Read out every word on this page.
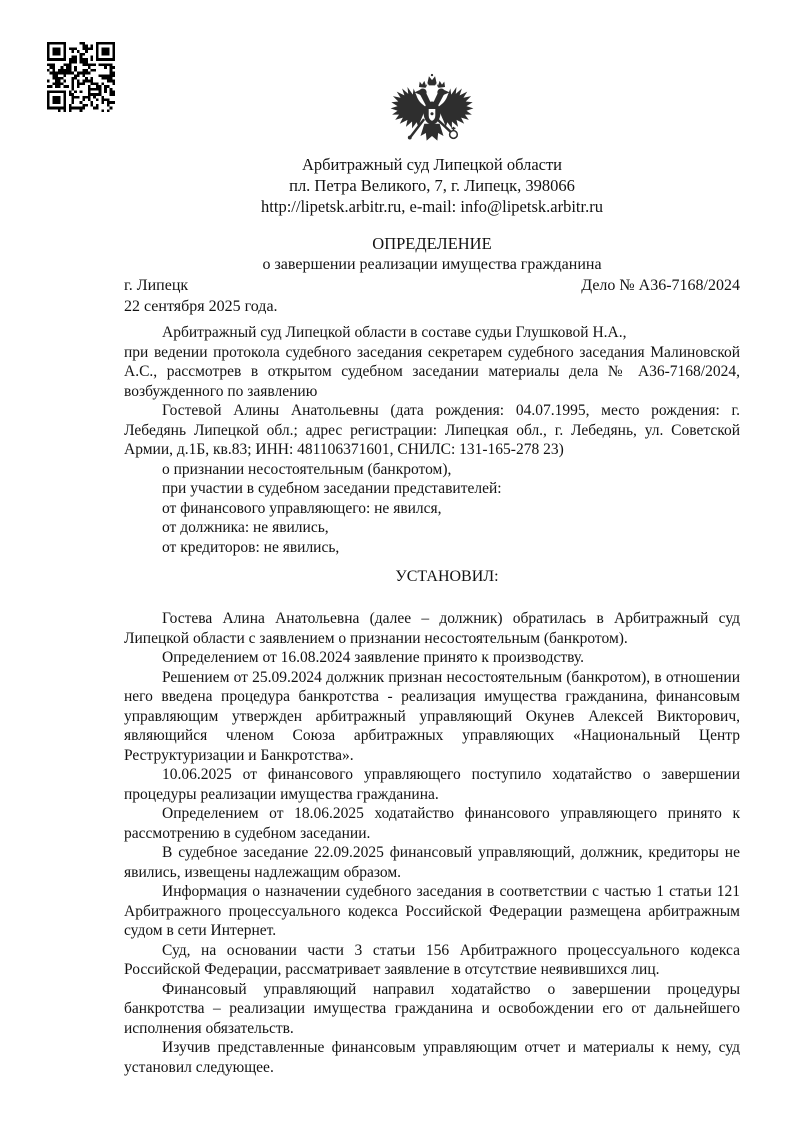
Арбитражный суд Липецкой области
пл. Петра Великого, 7, г. Липецк, 398066
http://lipetsk.arbitr.ru, e-mail: info@lipetsk.arbitr.ru
ОПРЕДЕЛЕНИЕ
о завершении реализации имущества гражданина
г. Липецк	Дело № А36-7168/2024
22 сентября 2025 года.

Арбитражный суд Липецкой области в составе судьи Глушковой Н.А.,

при ведении протокола судебного заседания секретарем судебного заседания Малиновской А.С., рассмотрев в открытом судебном заседании материалы дела № А36-7168/2024, возбужденного по заявлению

Гостевой Алины Анатольевны (дата рождения: 04.07.1995, место рождения: г. Лебедянь Липецкой обл.; адрес регистрации: Липецкая обл., г. Лебедянь, ул. Советской Армии, д.1Б, кв.83; ИНН: 481106371601, СНИЛС: 131-165-278 23)

о признании несостоятельным (банкротом),

при участии в судебном заседании представителей:

от финансового управляющего: не явился,

от должника: не явились,

от кредиторов: не явились,

УСТАНОВИЛ:

Гостева Алина Анатольевна (далее – должник) обратилась в Арбитражный суд Липецкой области с заявлением о признании несостоятельным (банкротом).

Определением от 16.08.2024 заявление принято к производству.

Решением от 25.09.2024 должник признан несостоятельным (банкротом), в отношении него введена процедура банкротства - реализация имущества гражданина, финансовым управляющим утвержден арбитражный управляющий Окунев Алексей Викторович, являющийся членом Союза арбитражных управляющих «Национальный Центр Реструктуризации и Банкротства».

10.06.2025 от финансового управляющего поступило ходатайство о завершении процедуры реализации имущества гражданина.

Определением от 18.06.2025 ходатайство финансового управляющего принято к рассмотрению в судебном заседании.

В судебное заседание 22.09.2025 финансовый управляющий, должник, кредиторы не явились, извещены надлежащим образом.

Информация о назначении судебного заседания в соответствии с частью 1 статьи 121 Арбитражного процессуального кодекса Российской Федерации размещена арбитражным судом в сети Интернет.

Суд, на основании части 3 статьи 156 Арбитражного процессуального кодекса Российской Федерации, рассматривает заявление в отсутствие неявившихся лиц.

Финансовый управляющий направил ходатайство о завершении процедуры банкротства – реализации имущества гражданина и освобождении его от дальнейшего исполнения обязательств.

Изучив представленные финансовым управляющим отчет и материалы к нему, суд установил следующее.
